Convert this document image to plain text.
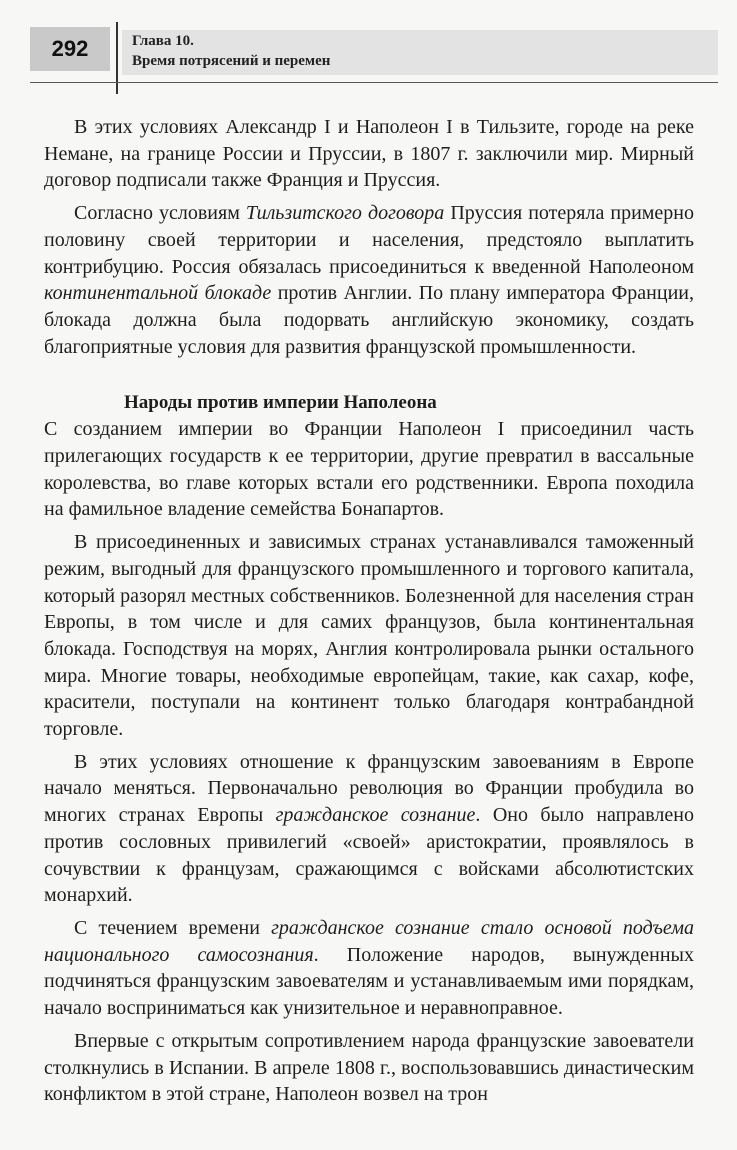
292	Глава 10.
Время потрясений и перемен

В этих условиях Александр I и Наполеон I в Тильзите, городе на реке Немане, на границе России и Пруссии, в 1807 г. заключили мир. Мирный договор подписали также Франция и Пруссия.

Согласно условиям Тильзитского договора Пруссия потеряла примерно половину своей территории и населения, предстояло выплатить контрибуцию. Россия обязалась присоединиться к введенной Наполеоном континентальной блокаде против Англии. По плану императора Франции, блокада должна была подорвать английскую экономику, создать благоприятные условия для развития французской промышленности.

Народы против империи Наполеона

С созданием империи во Франции Наполеон I присоединил часть прилегающих государств к ее территории, другие превратил в вассальные королевства, во главе которых встали его родственники. Европа походила на фамильное владение семейства Бонапартов.

В присоединенных и зависимых странах устанавливался таможенный режим, выгодный для французского промышленного и торгового капитала, который разорял местных собственников. Болезненной для населения стран Европы, в том числе и для самих французов, была континентальная блокада. Господствуя на морях, Англия контролировала рынки остального мира. Многие товары, необходимые европейцам, такие, как сахар, кофе, красители, поступали на континент только благодаря контрабандной торговле.

В этих условиях отношение к французским завоеваниям в Европе начало меняться. Первоначально революция во Франции пробудила во многих странах Европы гражданское сознание. Оно было направлено против сословных привилегий «своей» аристократии, проявлялось в сочувствии к французам, сражающимся с войсками абсолютистских монархий.

С течением времени гражданское сознание стало основой подъема национального самосознания. Положение народов, вынужденных подчиняться французским завоевателям и устанавливаемым ими порядкам, начало восприниматься как унизительное и неравноправное.

Впервые с открытым сопротивлением народа французские завоеватели столкнулись в Испании. В апреле 1808 г., воспользовавшись династическим конфликтом в этой стране, Наполеон возвел на трон
